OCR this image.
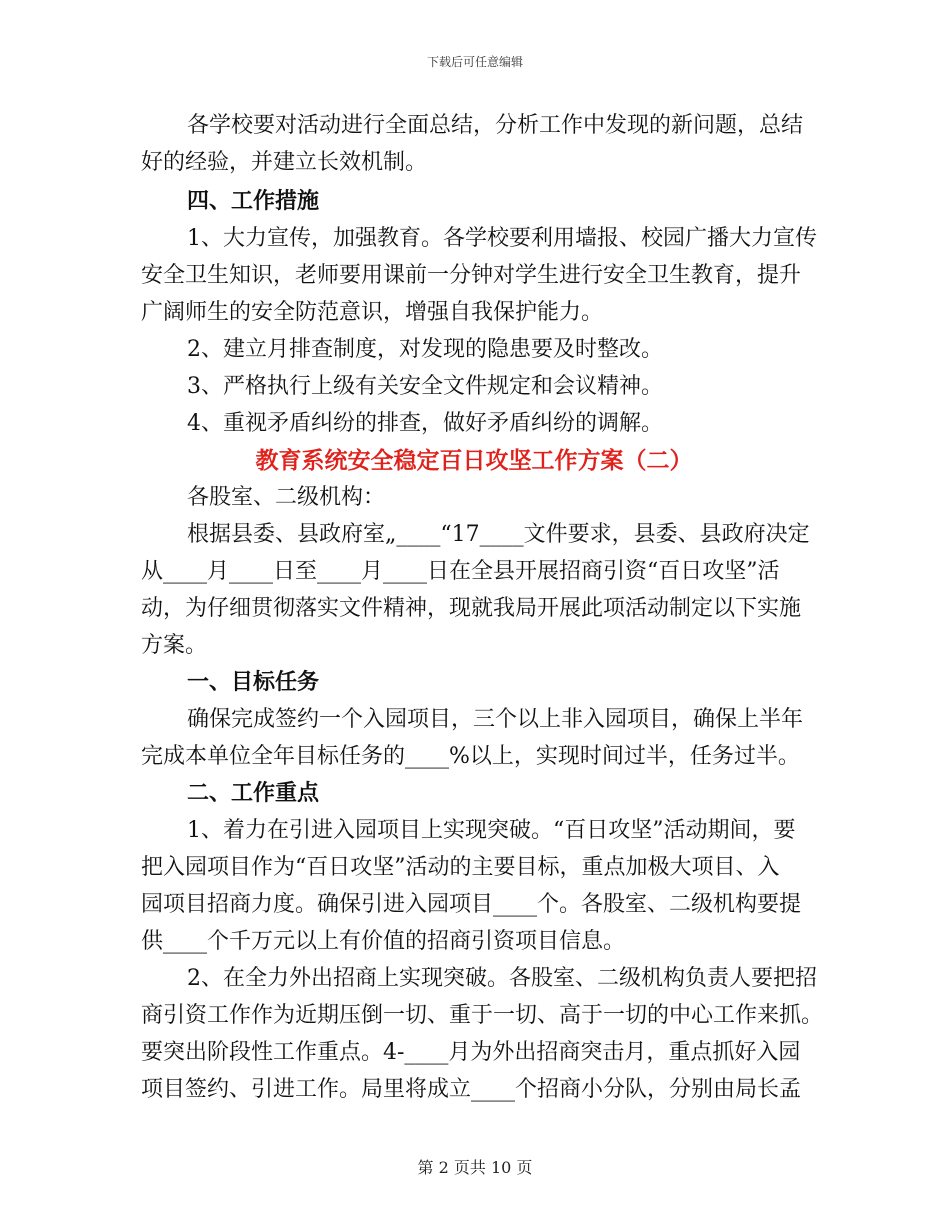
下载后可任意编辑
各学校要对活动进行全面总结，分析工作中发现的新问题，总结
好的经验，并建立长效机制。
四、工作措施
1、大力宣传，加强教育。各学校要利用墙报、校园广播大力宣传
安全卫生知识，老师要用课前一分钟对学生进行安全卫生教育，提升
广阔师生的安全防范意识，增强自我保护能力。
2、建立月排查制度，对发现的隐患要及时整改。
3、严格执行上级有关安全文件规定和会议精神。
4、重视矛盾纠纷的排查，做好矛盾纠纷的调解。
教育系统安全稳定百日攻坚工作方案（二）
各股室、二级机构：
根据县委、县政府室„____“17____文件要求，县委、县政府决定
从____月____日至____月____日在全县开展招商引资“百日攻坚”活
动，为仔细贯彻落实文件精神，现就我局开展此项活动制定以下实施
方案。
一、目标任务
确保完成签约一个入园项目，三个以上非入园项目，确保上半年
完成本单位全年目标任务的____%以上，实现时间过半，任务过半。
二、工作重点
1、着力在引进入园项目上实现突破。“百日攻坚”活动期间，要
把入园项目作为“百日攻坚”活动的主要目标，重点加极大项目、入
园项目招商力度。确保引进入园项目____个。各股室、二级机构要提
供____个千万元以上有价值的招商引资项目信息。
2、在全力外出招商上实现突破。各股室、二级机构负责人要把招
商引资工作作为近期压倒一切、重于一切、高于一切的中心工作来抓。
要突出阶段性工作重点。4-____月为外出招商突击月，重点抓好入园
项目签约、引进工作。局里将成立____个招商小分队，分别由局长孟
第 2 页共 10 页
